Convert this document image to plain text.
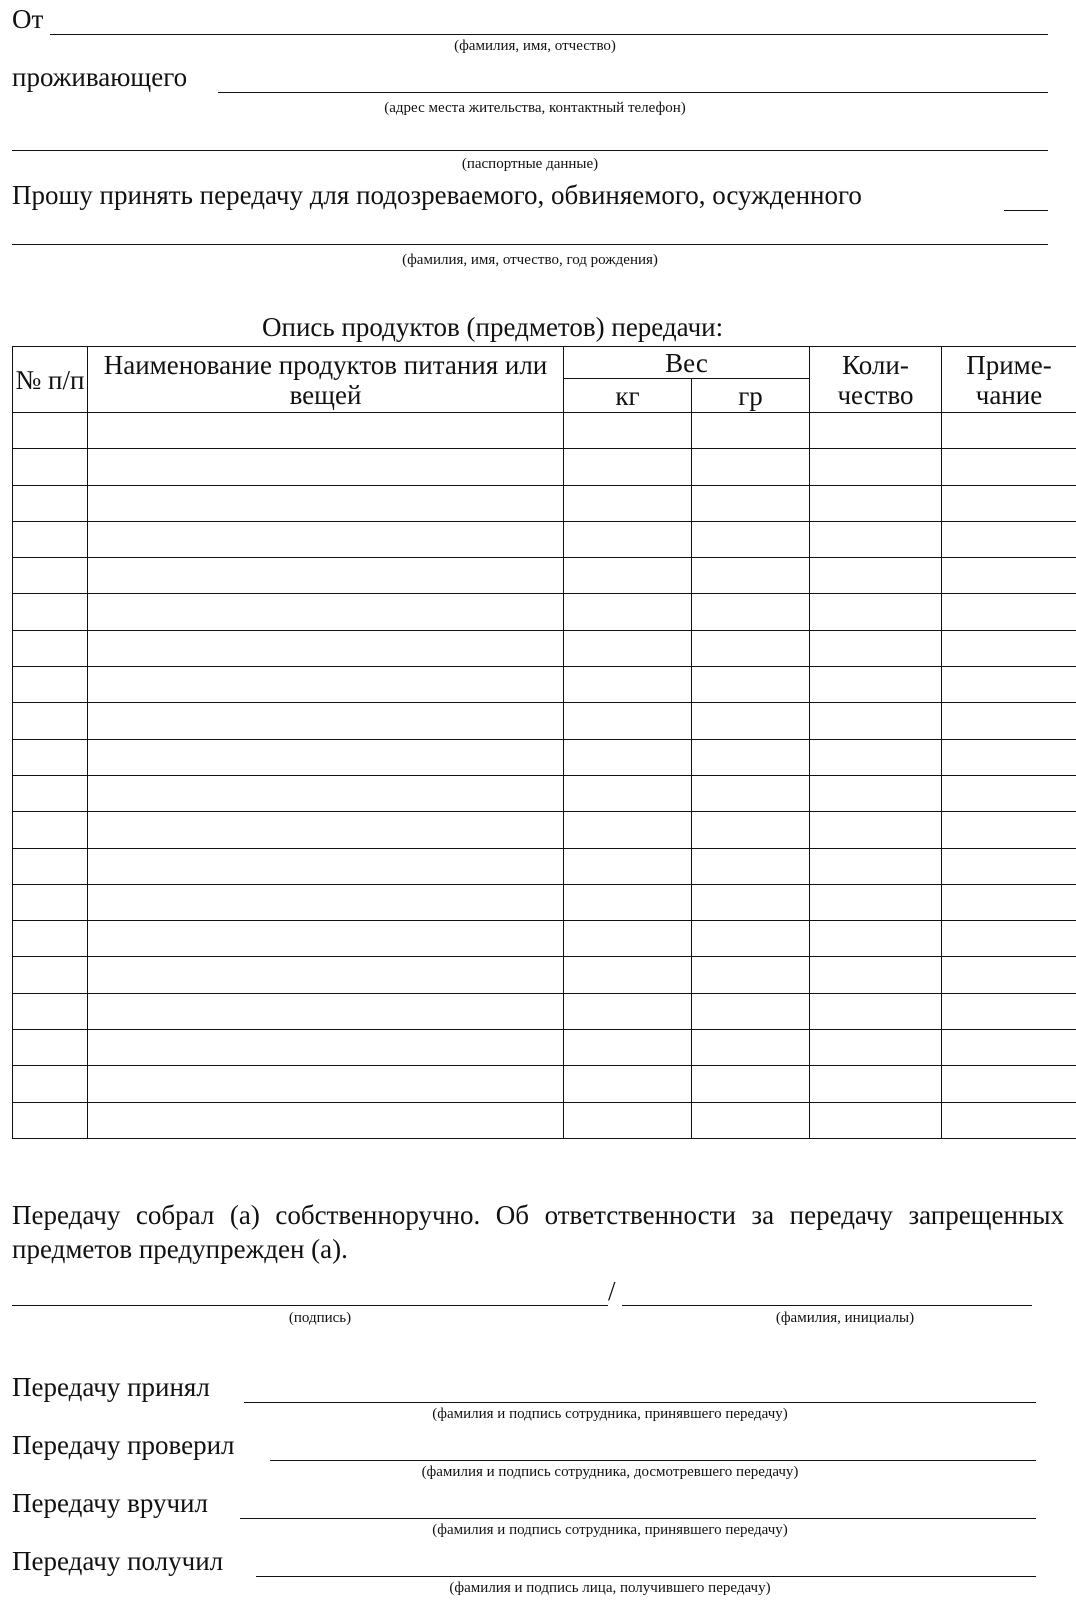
От
(фамилия, имя, отчество)
проживающего
(адрес места жительства, контактный телефон)
(паспортные данные)
Прошу принять передачу для подозреваемого, обвиняемого, осужденного
(фамилия, имя, отчество, год рождения)
Опись продуктов (предметов) передачи:
№ п/п	Наименование продуктов питания или вещей	Вес		Коли-чество	Приме-чание
		кг	гр		

Передачу собрал (а) собственноручно. Об ответственности за передачу запрещенных предметов предупрежден (а).
/
(подпись)	(фамилия, инициалы)
Передачу принял
(фамилия и подпись сотрудника, принявшего передачу)
Передачу проверил
(фамилия и подпись сотрудника, досмотревшего передачу)
Передачу вручил
(фамилия и подпись сотрудника, принявшего передачу)
Передачу получил
(фамилия и подпись лица, получившего передачу)
